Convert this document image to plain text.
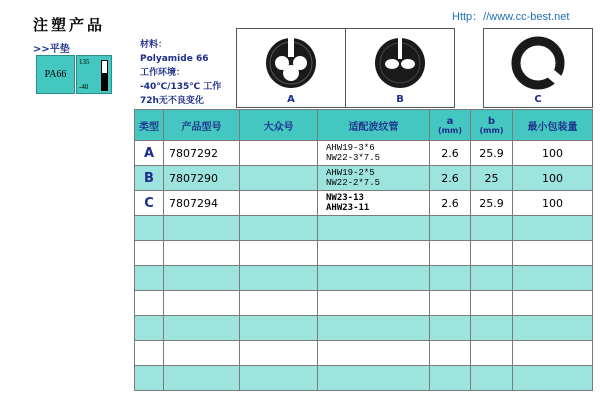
注塑产品	Http：//www.cc-best.net
>>平垫
PA66
135
-40
材料：
Polyamide 66
工作环境：
-40℃/135℃ 工作
72h无不良变化	A	B	C
类型	产品型号	大众号	适配波纹管	a
(mm)	b
(mm)	最小包装量
A	7807292		AHW19-3*6
NW22-3*7.5	2.6	25.9	100
B	7807290		AHW19-2*5
NW22-2*7.5	2.6	25	100
C	7807294		NW23-13
AHW23-11	2.6	25.9	100
